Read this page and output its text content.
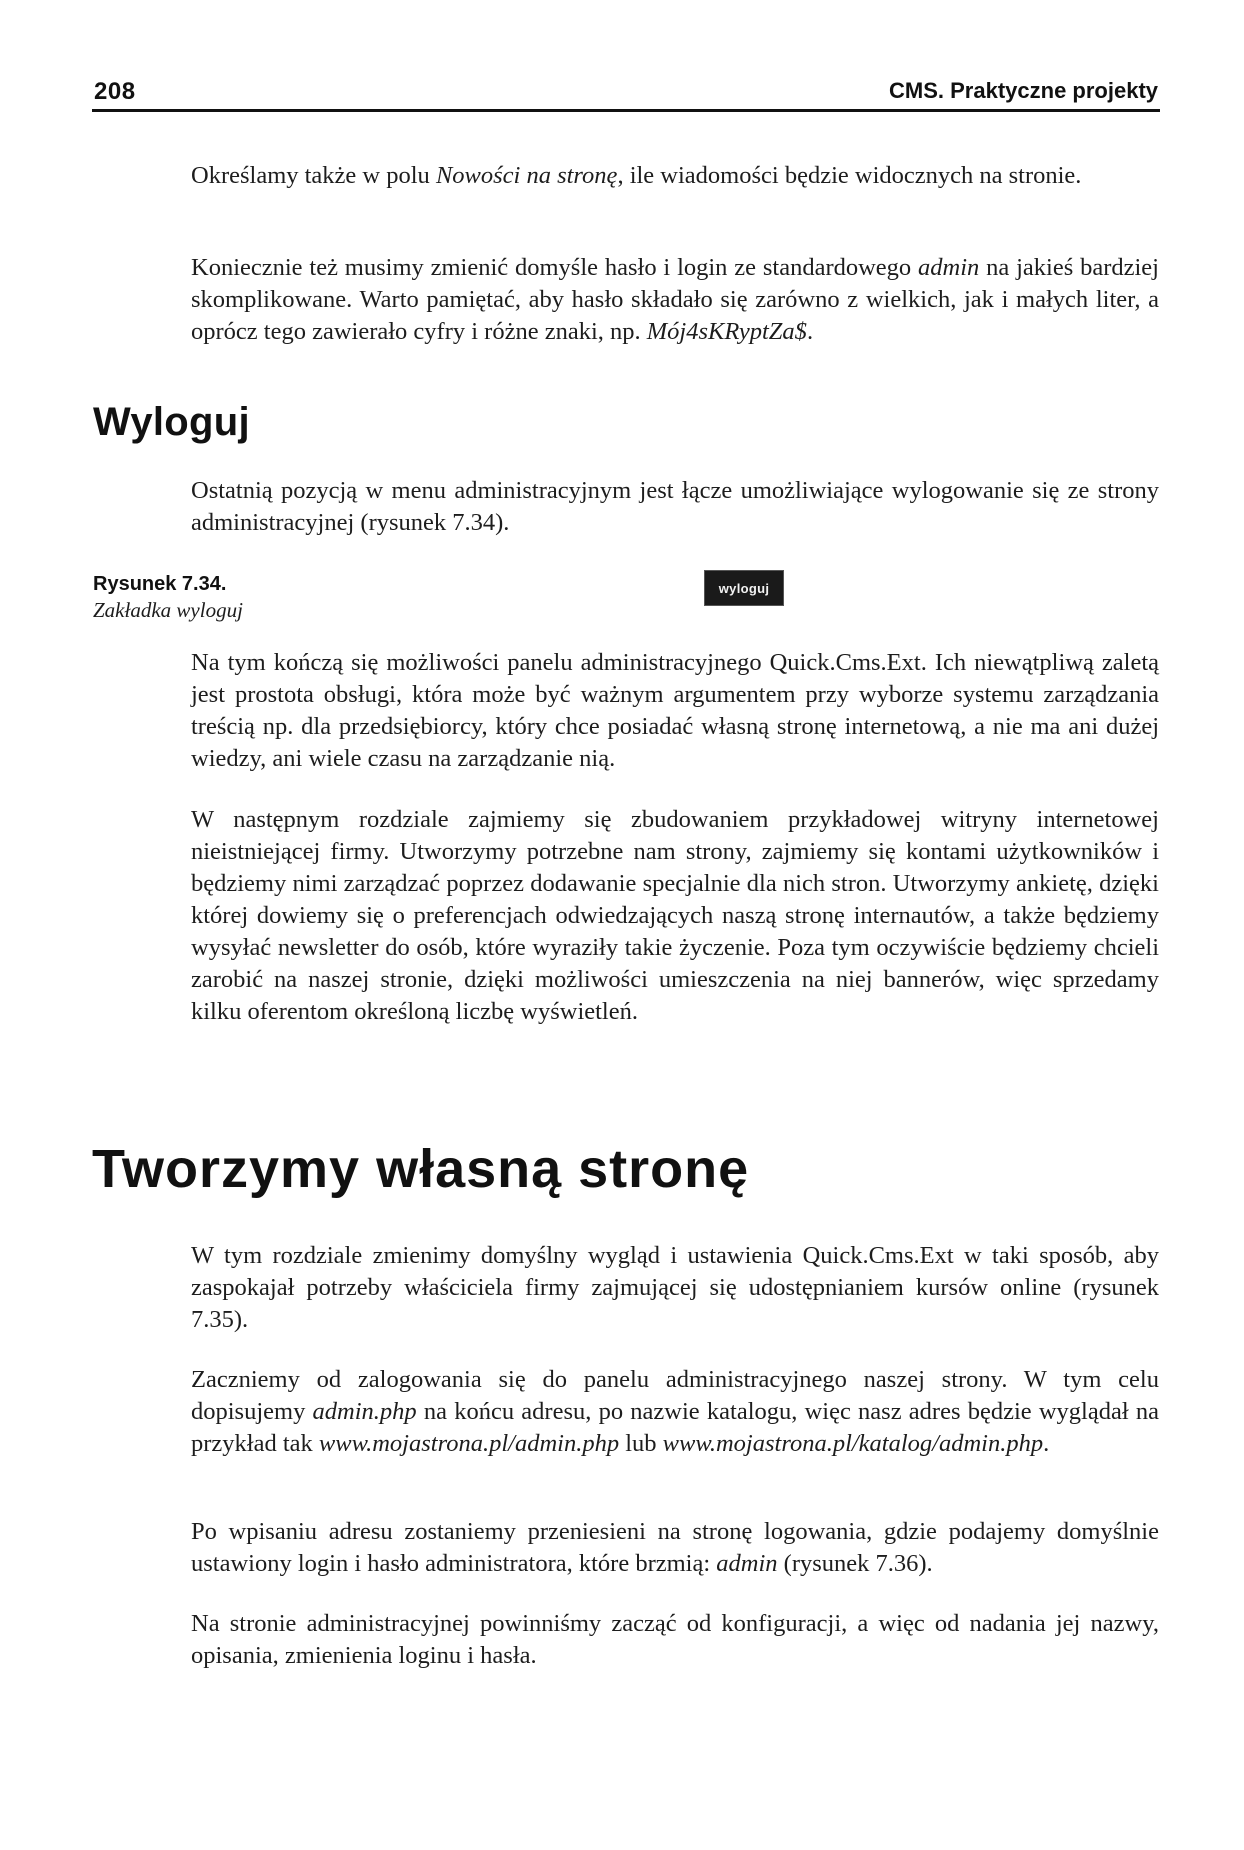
208	CMS. Praktyczne projekty

Określamy także w polu Nowości na stronę, ile wiadomości będzie widocznych na stronie.

Koniecznie też musimy zmienić domyśle hasło i login ze standardowego admin na jakieś bardziej skomplikowane. Warto pamiętać, aby hasło składało się zarówno z wielkich, jak i małych liter, a oprócz tego zawierało cyfry i różne znaki, np. Mój4sKRyptZa$.

Wyloguj

Ostatnią pozycją w menu administracyjnym jest łącze umożliwiające wylogowanie się ze strony administracyjnej (rysunek 7.34).

Rysunek 7.34.
Zakładka wyloguj
wyloguj

Na tym kończą się możliwości panelu administracyjnego Quick.Cms.Ext. Ich niewątpliwą zaletą jest prostota obsługi, która może być ważnym argumentem przy wyborze systemu zarządzania treścią np. dla przedsiębiorcy, który chce posiadać własną stronę internetową, a nie ma ani dużej wiedzy, ani wiele czasu na zarządzanie nią.

W następnym rozdziale zajmiemy się zbudowaniem przykładowej witryny internetowej nieistniejącej firmy. Utworzymy potrzebne nam strony, zajmiemy się kontami użytkowników i będziemy nimi zarządzać poprzez dodawanie specjalnie dla nich stron. Utworzymy ankietę, dzięki której dowiemy się o preferencjach odwiedzających naszą stronę internautów, a także będziemy wysyłać newsletter do osób, które wyraziły takie życzenie. Poza tym oczywiście będziemy chcieli zarobić na naszej stronie, dzięki możliwości umieszczenia na niej bannerów, więc sprzedamy kilku oferentom określoną liczbę wyświetleń.

Tworzymy własną stronę

W tym rozdziale zmienimy domyślny wygląd i ustawienia Quick.Cms.Ext w taki sposób, aby zaspokajał potrzeby właściciela firmy zajmującej się udostępnianiem kursów online (rysunek 7.35).

Zaczniemy od zalogowania się do panelu administracyjnego naszej strony. W tym celu dopisujemy admin.php na końcu adresu, po nazwie katalogu, więc nasz adres będzie wyglądał na przykład tak www.mojastrona.pl/admin.php lub www.mojastrona.pl/katalog/admin.php.

Po wpisaniu adresu zostaniemy przeniesieni na stronę logowania, gdzie podajemy domyślnie ustawiony login i hasło administratora, które brzmią: admin (rysunek 7.36).

Na stronie administracyjnej powinniśmy zacząć od konfiguracji, a więc od nadania jej nazwy, opisania, zmienienia loginu i hasła.
